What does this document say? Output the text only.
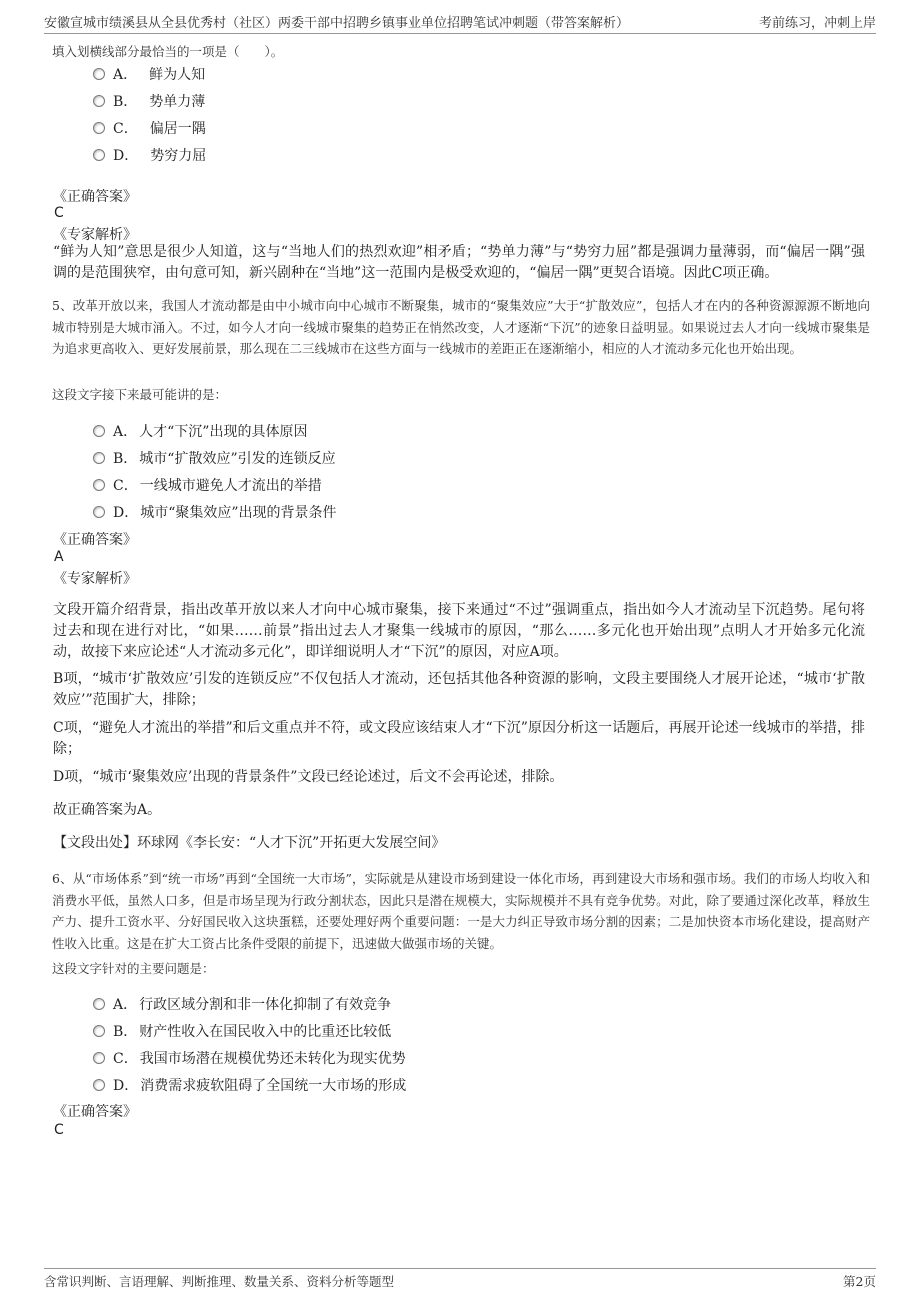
安徽宣城市绩溪县从全县优秀村（社区）两委干部中招聘乡镇事业单位招聘笔试冲刺题（带答案解析）	考前练习，冲刺上岸
填入划横线部分最恰当的一项是（　　）。
A． 鲜为人知
B． 势单力薄
C． 偏居一隅
D． 势穷力屈
《正确答案》
C
《专家解析》
“鲜为人知”意思是很少人知道，这与“当地人们的热烈欢迎”相矛盾；“势单力薄”与“势穷力屈”都是强调力量薄弱，而“偏居一隅”强调的是范围狭窄，由句意可知，新兴剧种在“当地”这一范围内是极受欢迎的，“偏居一隅”更契合语境。因此C项正确。
5、改革开放以来，我国人才流动都是由中小城市向中心城市不断聚集，城市的“聚集效应”大于“扩散效应”，包括人才在内的各种资源源源不断地向城市特别是大城市涌入。不过，如今人才向一线城市聚集的趋势正在悄然改变，人才逐渐“下沉”的迹象日益明显。如果说过去人才向一线城市聚集是为追求更高收入、更好发展前景，那么现在二三线城市在这些方面与一线城市的差距正在逐渐缩小，相应的人才流动多元化也开始出现。
这段文字接下来最可能讲的是：
A． 人才“下沉”出现的具体原因
B． 城市“扩散效应”引发的连锁反应
C． 一线城市避免人才流出的举措
D． 城市“聚集效应”出现的背景条件
《正确答案》
A
《专家解析》
文段开篇介绍背景，指出改革开放以来人才向中心城市聚集，接下来通过“不过”强调重点，指出如今人才流动呈下沉趋势。尾句将过去和现在进行对比，“如果……前景”指出过去人才聚集一线城市的原因，“那么……多元化也开始出现”点明人才开始多元化流动，故接下来应论述“人才流动多元化”，即详细说明人才“下沉”的原因，对应A项。
B项，“城市‘扩散效应’引发的连锁反应”不仅包括人才流动，还包括其他各种资源的影响，文段主要围绕人才展开论述，“城市‘扩散效应’”范围扩大，排除；
C项，“避免人才流出的举措”和后文重点并不符，或文段应该结束人才“下沉”原因分析这一话题后，再展开论述一线城市的举措，排除；
D项，“城市‘聚集效应’出现的背景条件”文段已经论述过，后文不会再论述，排除。
故正确答案为A。
【文段出处】环球网《李长安：“人才下沉”开拓更大发展空间》
6、从“市场体系”到“统一市场”再到“全国统一大市场”，实际就是从建设市场到建设一体化市场，再到建设大市场和强市场。我们的市场人均收入和消费水平低，虽然人口多，但是市场呈现为行政分割状态，因此只是潜在规模大，实际规模并不具有竞争优势。对此，除了要通过深化改革，释放生产力、提升工资水平、分好国民收入这块蛋糕，还要处理好两个重要问题：一是大力纠正导致市场分割的因素；二是加快资本市场化建设，提高财产性收入比重。这是在扩大工资占比条件受限的前提下，迅速做大做强市场的关键。
这段文字针对的主要问题是：
A． 行政区域分割和非一体化抑制了有效竞争
B． 财产性收入在国民收入中的比重还比较低
C． 我国市场潜在规模优势还未转化为现实优势
D． 消费需求疲软阻碍了全国统一大市场的形成
《正确答案》
C
含常识判断、言语理解、判断推理、数量关系、资料分析等题型	第2页
